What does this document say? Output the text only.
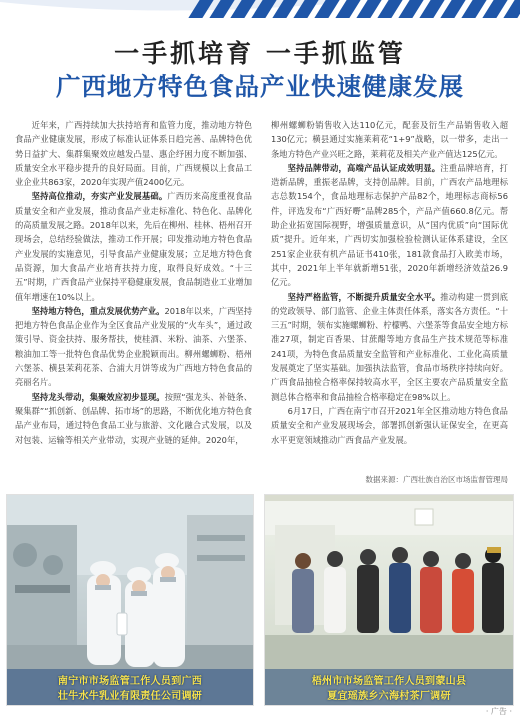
一手抓培育 一手抓监管
广西地方特色食品产业快速健康发展

近年来，广西持续加大扶持培育和监管力度，推动地方特色食品产业健康发展，形成了标准认证体系日趋完善、品牌特色优势日益扩大、集群集聚效应越发凸显、惠企纾困力度不断加强、质量安全水平稳步提升的良好局面。目前，广西规模以上食品工业企业共863家，2020年实现产值2400亿元。

坚持高位推动，夯实产业发展基础。广西历来高度重视食品质量安全和产业发展，推动食品产业走标准化、特色化、品牌化的高质量发展之路。2018年以来，先后在柳州、桂林、梧州召开现场会，总结经验做法，推动工作开展；印发推动地方特色食品产业发展的实施意见，引导食品产业健康发展；立足地方特色食品资源，加大食品产业培育扶持力度，取得良好成效。“十三五”时期，广西食品产业保持平稳健康发展，食品制造业工业增加值年增速在10%以上。

坚持地方特色，重点发展优势产业。2018年以来，广西坚持把地方特色食品企业作为全区食品产业发展的“火车头”，通过政策引导、资金扶持、服务帮扶，使桂酒、米粉、油茶、六堡茶、粮油加工等一批特色食品优势企业脱颖而出。柳州螺蛳粉、梧州六堡茶、横县茉莉花茶、合浦大月饼等成为广西地方特色食品的亮丽名片。

坚持龙头带动，集聚效应初步显现。按照“强龙头、补链条、聚集群”“抓创新、创品牌、拓市场”的思路，不断优化地方特色食品产业布局，通过特色食品工业与旅游、文化融合式发展，以及对包装、运输等相关产业带动，实现产业链的延伸。2020年，

柳州螺蛳粉销售收入达110亿元，配套及衍生产品销售收入超130亿元；横县通过实施莱莉花“1+9”战略，以一带多，走出一条地方特色产业兴旺之路，莱莉花及相关产业产值达125亿元。

坚持品牌带动，高端产品认证成效明显。注重品牌培育，打造新品牌，重振老品牌，支持创品牌。目前，广西农产品地理标志总数154个，食品地理标志保护产品82个，地理标志商标56件，评选发布“广西好嘢”品牌285个，产品产值660.8亿元。帮助企业拓宽国际视野，增强质量意识，从“国内优质”向“国际优质”提升。近年来，广西切实加强检验检测认证体系建设，全区251家企业获有机产品证书410张，181款食品打入欧美市场，其中，2021年上半年就新增51张，2020年新增经济效益26.9亿元。

坚持严格监管，不断提升质量安全水平。推动构建一贯到底的党政领导、部门监管、企业主体责任体系，落实各方责任。“十三五”时期，领布实施螺蛳粉、柠檬鸭、六堡茶等食品安全地方标准27项，制定百香果、甘蔗醋等地方食品生产技术规范等标准241项，为特色食品质量安全监管和产业标准化、工业化高质量发展奠定了坚实基础。加强执法监管，食品市场秩序持续向好。广西食品抽检合格率保持较高水平，全区主要农产品质量安全监测总体合格率和食品抽检合格率稳定在98%以上。

6月17日，广西在南宁市召开2021年全区推动地方特色食品质量安全和产业发展现场会，部署抓创新强认证保安全，在更高水平更宽领域推动广西食品产业发展。

数据来源：广西壮族自治区市场监督管理局
南宁市市场监管工作人员到广西
壮牛水牛乳业有限责任公司调研
梧州市市场监管工作人员到蒙山县
夏宜瑶族乡六海村茶厂调研
· 广告 ·
